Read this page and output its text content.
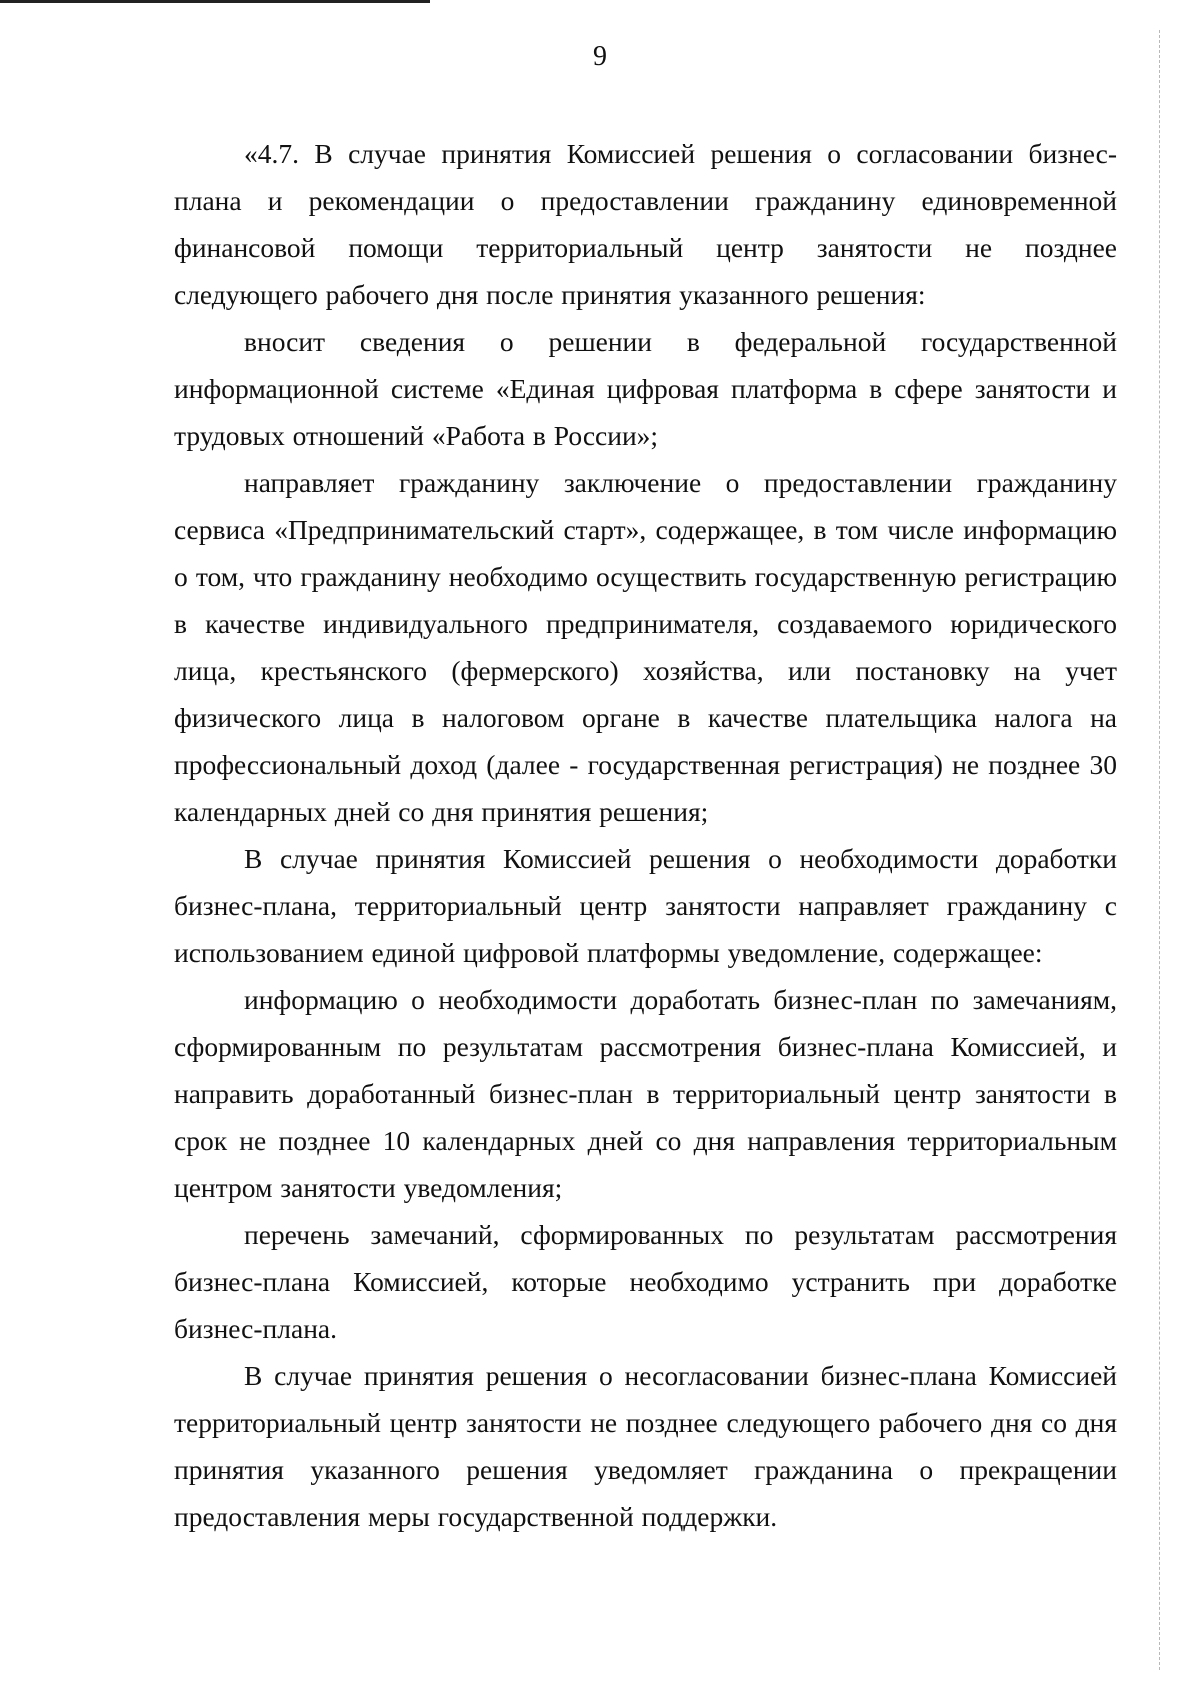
9

«4.7. В случае принятия Комиссией решения о согласовании бизнес-плана и рекомендации о предоставлении гражданину единовременной финансовой помощи территориальный центр занятости не позднее следующего рабочего дня после принятия указанного решения:

вносит сведения о решении в федеральной государственной информационной системе «Единая цифровая платформа в сфере занятости и трудовых отношений «Работа в России»;

направляет гражданину заключение о предоставлении гражданину сервиса «Предпринимательский старт», содержащее, в том числе информацию о том, что гражданину необходимо осуществить государственную регистрацию в качестве индивидуального предпринимателя, создаваемого юридического лица, крестьянского (фермерского) хозяйства, или постановку на учет физического лица в налоговом органе в качестве плательщика налога на профессиональный доход (далее - государственная регистрация) не позднее 30 календарных дней со дня принятия решения;

В случае принятия Комиссией решения о необходимости доработки бизнес-плана, территориальный центр занятости направляет гражданину с использованием единой цифровой платформы уведомление, содержащее:

информацию о необходимости доработать бизнес-план по замечаниям, сформированным по результатам рассмотрения бизнес-плана Комиссией, и направить доработанный бизнес-план в территориальный центр занятости в срок не позднее 10 календарных дней со дня направления территориальным центром занятости уведомления;

перечень замечаний, сформированных по результатам рассмотрения бизнес-плана Комиссией, которые необходимо устранить при доработке бизнес-плана.

В случае принятия решения о несогласовании бизнес-плана Комиссией территориальный центр занятости не позднее следующего рабочего дня со дня принятия указанного решения уведомляет гражданина о прекращении предоставления меры государственной поддержки.
